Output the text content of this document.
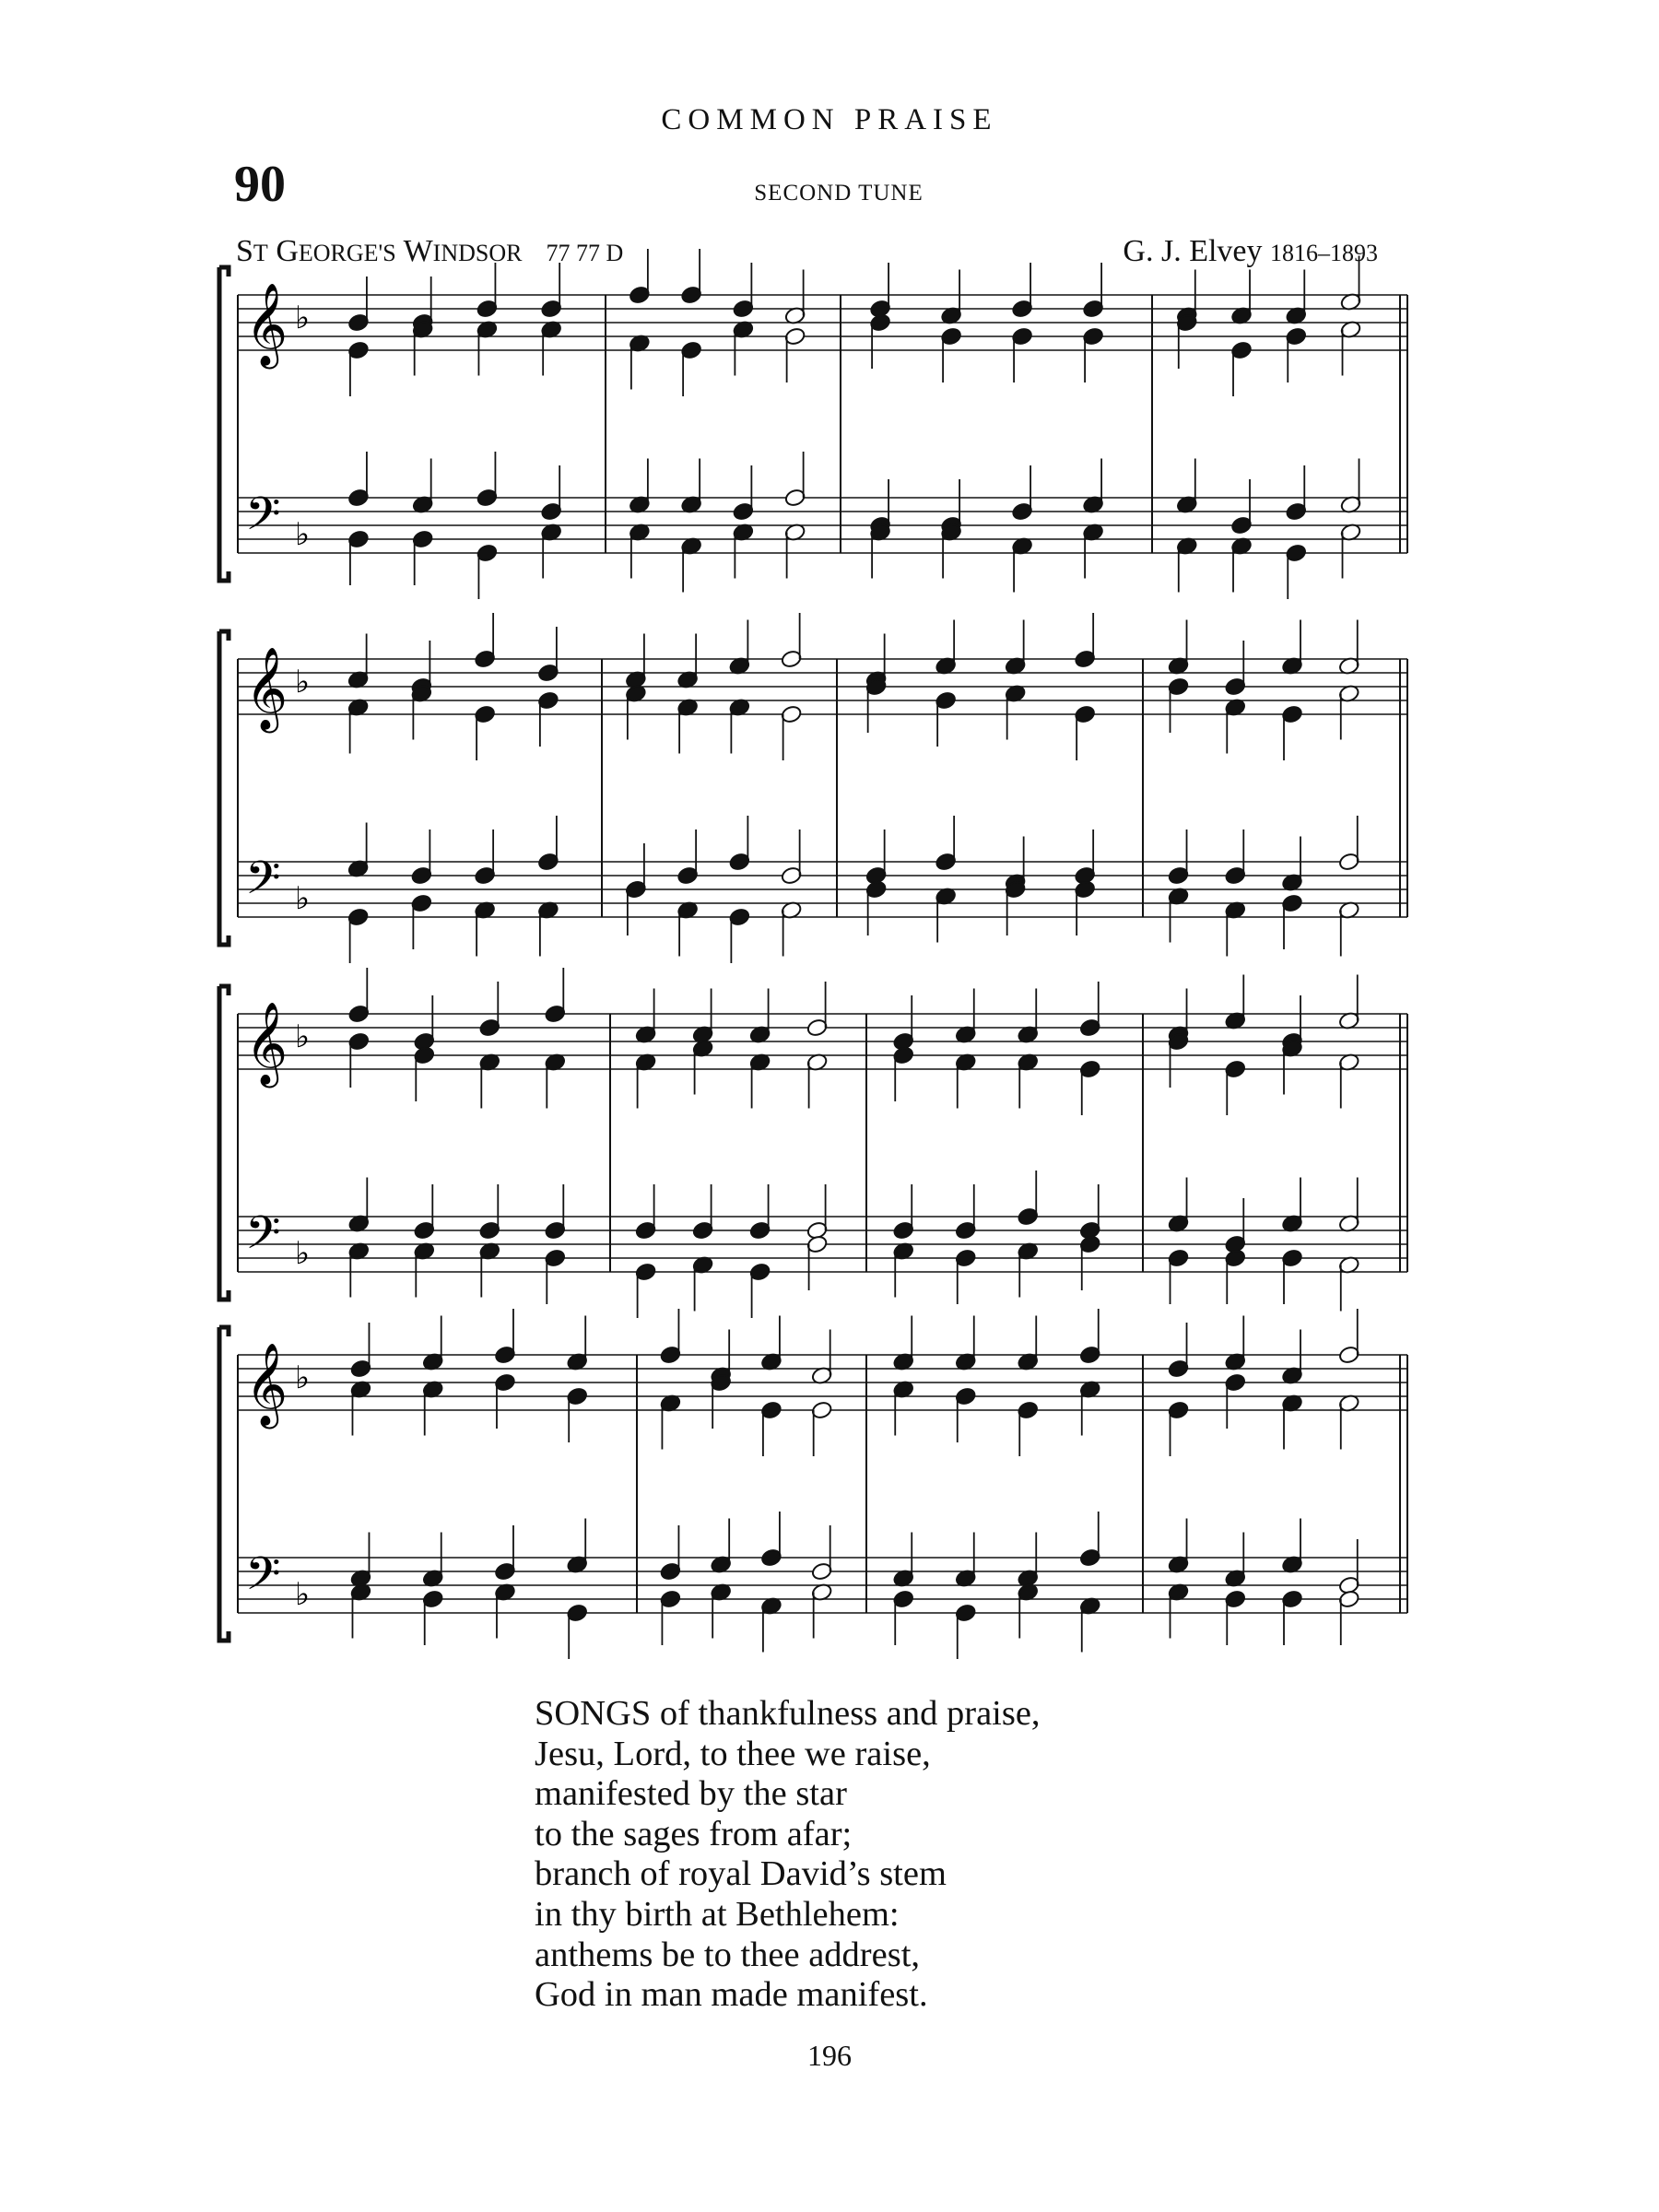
COMMON PRAISE
90	SECOND TUNE
ST GEORGE'S WINDSOR 77 77 D	G. J. Elvey 1816–1893
𝄞 ♭
𝄢 ♭
𝄞 ♭
𝄢 ♭
𝄞 ♭
𝄢 ♭
𝄞 ♭
𝄢 ♭
SONGS of thankfulness and praise,
Jesu, Lord, to thee we raise,
manifested by the star
to the sages from afar;
branch of royal David’s stem
in thy birth at Bethlehem:
anthems be to thee addrest,
God in man made manifest.
196
